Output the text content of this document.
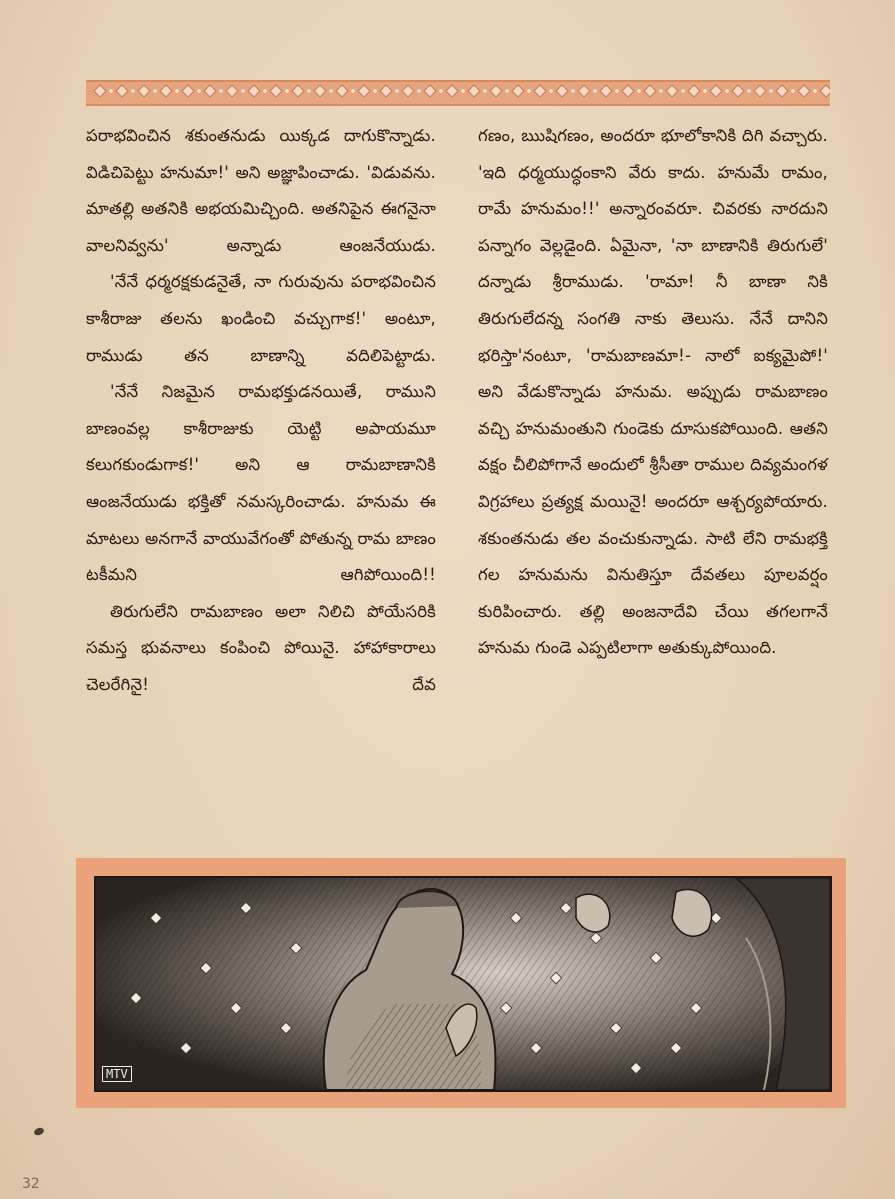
పరాభవించిన శకుంతనుడు యిక్కడ దాగుకొన్నాడు. విడిచిపెట్టు హనుమా!' అని అజ్ఞాపించాడు. 'విడువను. మాతల్లి అతనికి అభయమిచ్చింది. అతనిపైన ఈగనైనా వాలనివ్వను' అన్నాడు ఆంజనేయుడు.

'నేనే ధర్మరక్షకుడనైతే, నా గురువును పరాభవించిన కాశీరాజు తలను ఖండించి వచ్చుగాక!' అంటూ, రాముడు తన బాణాన్ని వదిలిపెట్టాడు.

'నేనే నిజమైన రామభక్తుడనయితే, రాముని బాణంవల్ల కాశీరాజుకు యెట్టి అపాయమూ కలుగకుండుగాక!' అని ఆ రామబాణానికి ఆంజనేయుడు భక్తితో నమస్కరించాడు. హనుమ ఈ మాటలు అనగానే వాయువేగంతో పోతున్న రామ బాణం టకీమని ఆగిపోయింది!!

తిరుగులేని రామబాణం అలా నిలిచి పోయేసరికి సమస్త భువనాలు కంపించి పోయినై. హాహాకారాలు చెలరేగినై! దేవ

గణం, ఋషిగణం, అందరూ భూలోకానికి దిగి వచ్చారు. 'ఇది ధర్మయుద్ధంకాని వేరు కాదు. హనుమే రామం, రామే హనుమం!!' అన్నారంవరూ. చివరకు నారదుని పన్నాగం వెల్లడైంది. ఏమైనా, 'నా బాణానికి తిరుగులే' దన్నాడు శ్రీరాముడు. 'రామా! నీ బాణా నికి తిరుగులేదన్న సంగతి నాకు తెలుసు. నేనే దానిని భరిస్తా'నంటూ, 'రామబాణమా!- నాలో ఐక్యమైపో!' అని వేడుకొన్నాడు హనుమ. అప్పుడు రామబాణం వచ్చి హనుమంతుని గుండెకు దూసుకపోయింది. ఆతని వక్షం చీలిపోగానే అందులో శ్రీసీతా రాముల దివ్యమంగళ విగ్రహాలు ప్రత్యక్ష మయినై! అందరూ ఆశ్చర్యపోయారు. శకుంతనుడు తల వంచుకున్నాడు. సాటి లేని రామభక్తి గల హనుమను వినుతిస్తూ దేవతలు పూలవర్షం కురిపించారు. తల్లి అంజనాదేవి చేయి తగలగానే హనుమ గుండె ఎప్పటిలాగా అతుక్కుపోయింది.

MTV
32
